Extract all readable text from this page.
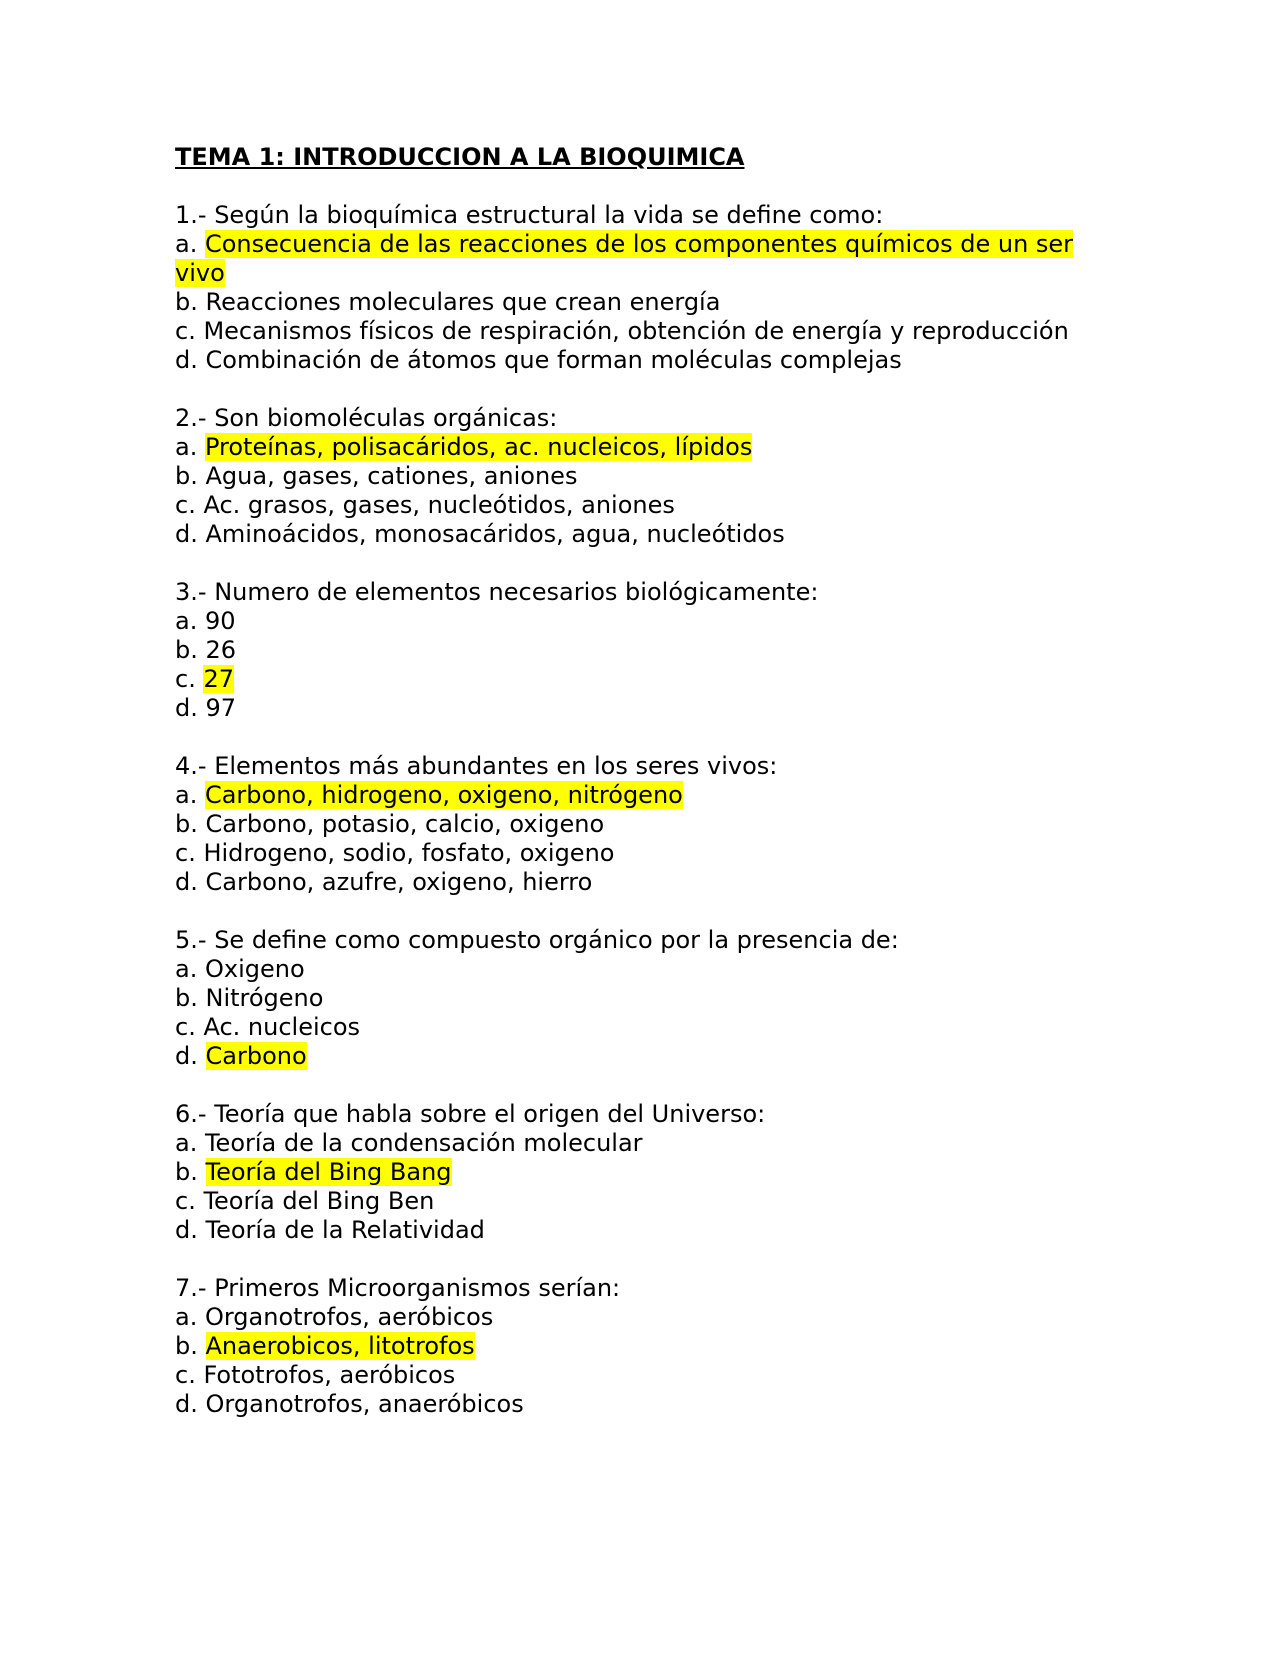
TEMA 1: INTRODUCCION A LA BIOQUIMICA

1.- Según la bioquímica estructural la vida se define como:

a. Consecuencia de las reacciones de los componentes químicos de un ser vivo

b. Reacciones moleculares que crean energía

c. Mecanismos físicos de respiración, obtención de energía y reproducción

d. Combinación de átomos que forman moléculas complejas

2.- Son biomoléculas orgánicas:

a. Proteínas, polisacáridos, ac. nucleicos, lípidos

b. Agua, gases, cationes, aniones

c. Ac. grasos, gases, nucleótidos, aniones

d. Aminoácidos, monosacáridos, agua, nucleótidos

3.- Numero de elementos necesarios biológicamente:

a. 90

b. 26

c. 27

d. 97

4.- Elementos más abundantes en los seres vivos:

a. Carbono, hidrogeno, oxigeno, nitrógeno

b. Carbono, potasio, calcio, oxigeno

c. Hidrogeno, sodio, fosfato, oxigeno

d. Carbono, azufre, oxigeno, hierro

5.- Se define como compuesto orgánico por la presencia de:

a. Oxigeno

b. Nitrógeno

c. Ac. nucleicos

d. Carbono

6.- Teoría que habla sobre el origen del Universo:

a. Teoría de la condensación molecular

b. Teoría del Bing Bang

c. Teoría del Bing Ben

d. Teoría de la Relatividad

7.- Primeros Microorganismos serían:

a. Organotrofos, aeróbicos

b. Anaerobicos, litotrofos

c. Fototrofos, aeróbicos

d. Organotrofos, anaeróbicos
